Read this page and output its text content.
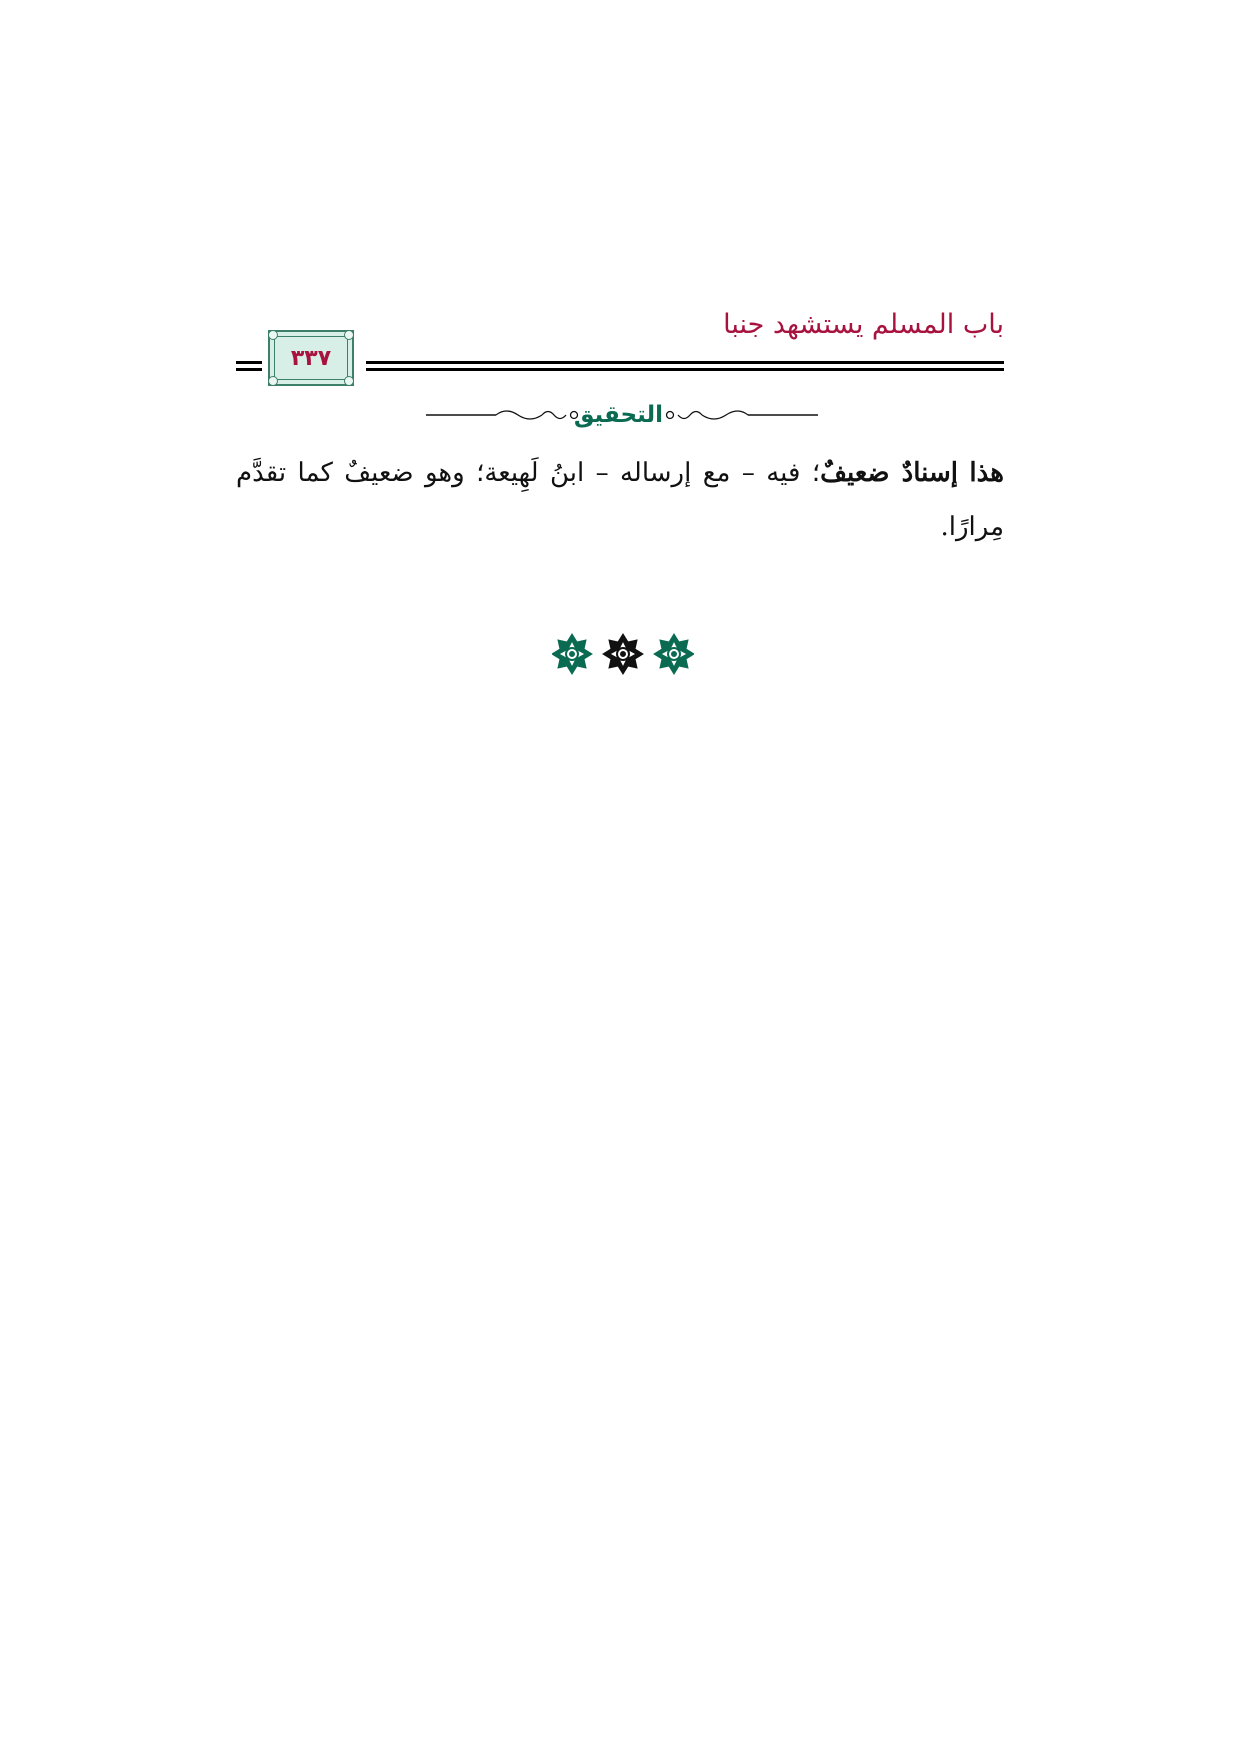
باب المسلم يستشهد جنبا
٣٣٧
التحقيق

هذا إسنادٌ ضعيفٌ؛ فيه – مع إرساله – ابنُ لَهِيعة؛ وهو ضعيفٌ كما تقدَّم مِرارًا.
